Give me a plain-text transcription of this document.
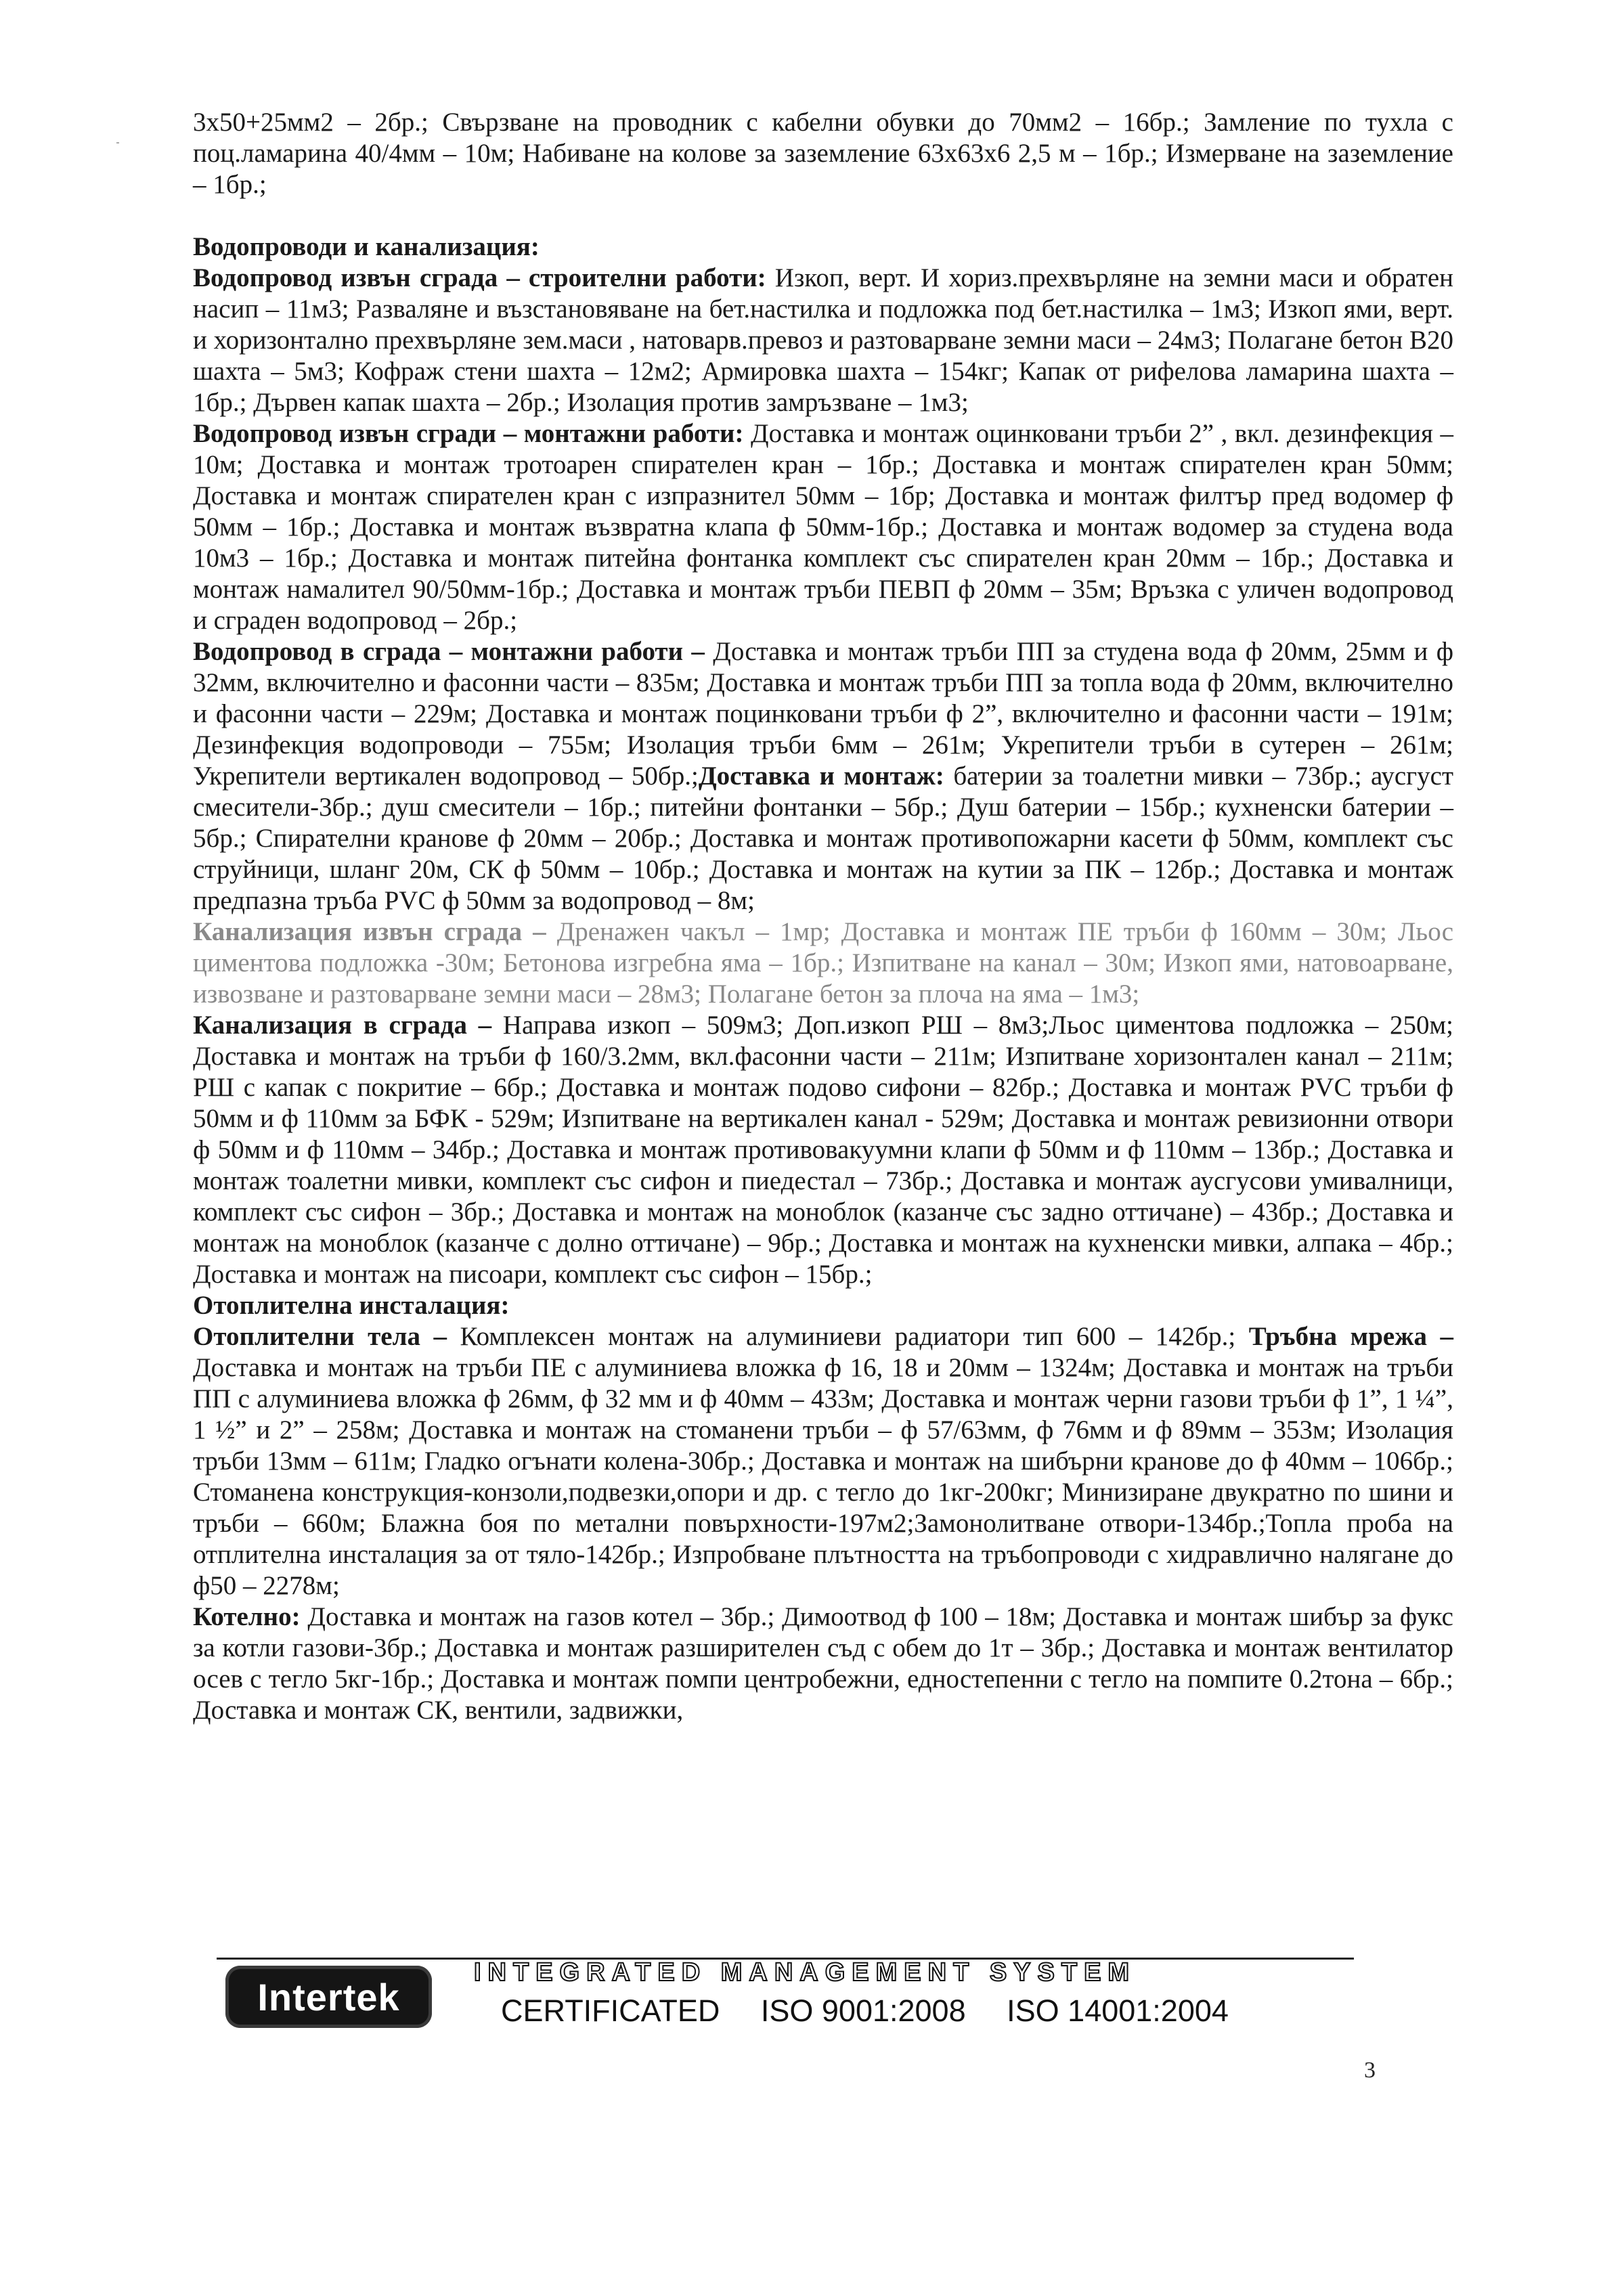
3х50+25мм2 – 2бр.; Свързване на проводник с кабелни обувки до 70мм2 – 16бр.; Замление по тухла с поц.ламарина 40/4мм – 10м; Набиване на колове за заземление 63х63х6 2,5 м – 1бр.; Измерване на заземление – 1бр.;

Водопроводи и канализация:

Водопровод извън сграда – строителни работи: Изкоп, верт. И хориз.прехвърляне на земни маси и обратен насип – 11м3; Разваляне и възстановяване на бет.настилка и подложка под бет.настилка – 1м3; Изкоп ями, верт. и хоризонтално прехвърляне зем.маси , натоварв.превоз и разтоварване земни маси – 24м3; Полагане бетон В20 шахта – 5м3; Кофраж стени шахта – 12м2; Армировка шахта – 154кг; Капак от рифелова ламарина шахта – 1бр.; Дървен капак шахта – 2бр.; Изолация против замръзване – 1м3;

Водопровод извън сгради – монтажни работи: Доставка и монтаж оцинковани тръби 2” , вкл. дезинфекция – 10м; Доставка и монтаж тротоарен спирателен кран – 1бр.; Доставка и монтаж спирателен кран 50мм; Доставка и монтаж спирателен кран с изпразнител 50мм – 1бр; Доставка и монтаж филтър пред водомер ф 50мм – 1бр.; Доставка и монтаж възвратна клапа ф 50мм-1бр.; Доставка и монтаж водомер за студена вода 10м3 – 1бр.; Доставка и монтаж питейна фонтанка комплект със спирателен кран 20мм – 1бр.; Доставка и монтаж намалител 90/50мм-1бр.; Доставка и монтаж тръби ПЕВП ф 20мм – 35м; Връзка с уличен водопровод и сграден водопровод – 2бр.;

Водопровод в сграда – монтажни работи – Доставка и монтаж тръби ПП за студена вода ф 20мм, 25мм и ф 32мм, включително и фасонни части – 835м; Доставка и монтаж тръби ПП за топла вода ф 20мм, включително и фасонни части – 229м; Доставка и монтаж поцинковани тръби ф 2”, включително и фасонни части – 191м; Дезинфекция водопроводи – 755м; Изолация тръби 6мм – 261м; Укрепители тръби в сутерен – 261м; Укрепители вертикален водопровод – 50бр.;Доставка и монтаж: батерии за тоалетни мивки – 73бр.; аусгуст смесители-3бр.; душ смесители – 1бр.; питейни фонтанки – 5бр.; Душ батерии – 15бр.; кухненски батерии – 5бр.; Спирателни кранове ф 20мм – 20бр.; Доставка и монтаж противопожарни касети ф 50мм, комплект със струйници, шланг 20м, СК ф 50мм – 10бр.; Доставка и монтаж на кутии за ПК – 12бр.; Доставка и монтаж предпазна тръба PVC ф 50мм за водопровод – 8м;

Канализация извън сграда – Дренажен чакъл – 1мр; Доставка и монтаж ПЕ тръби ф 160мм – 30м; Льос циментова подложка -30м; Бетонова изгребна яма – 1бр.; Изпитване на канал – 30м; Изкоп ями, натовоарване, извозване и разтоварване земни маси – 28м3; Полагане бетон за плоча на яма – 1м3;

Канализация в сграда – Направа изкоп – 509м3; Доп.изкоп РШ – 8м3;Льос циментова подложка – 250м; Доставка и монтаж на тръби ф 160/3.2мм, вкл.фасонни части – 211м; Изпитване хоризонтален канал – 211м; РШ с капак с покритие – 6бр.; Доставка и монтаж подово сифони – 82бр.; Доставка и монтаж PVC тръби ф 50мм и ф 110мм за БФК - 529м; Изпитване на вертикален канал - 529м; Доставка и монтаж ревизионни отвори ф 50мм и ф 110мм – 34бр.; Доставка и монтаж противовакуумни клапи ф 50мм и ф 110мм – 13бр.; Доставка и монтаж тоалетни мивки, комплект със сифон и пиедестал – 73бр.; Доставка и монтаж аусгусови умивалници, комплект със сифон – 3бр.; Доставка и монтаж на моноблок (казанче със задно оттичане) – 43бр.; Доставка и монтаж на моноблок (казанче с долно оттичане) – 9бр.; Доставка и монтаж на кухненски мивки, алпака – 4бр.; Доставка и монтаж на писоари, комплект със сифон – 15бр.;

Отоплителна инсталация:

Отоплителни тела – Комплексен монтаж на алуминиеви радиатори тип 600 – 142бр.; Тръбна мрежа – Доставка и монтаж на тръби ПЕ с алуминиева вложка ф 16, 18 и 20мм – 1324м; Доставка и монтаж на тръби ПП с алуминиева вложка ф 26мм, ф 32 мм и ф 40мм – 433м; Доставка и монтаж черни газови тръби ф 1”, 1 ¼”, 1 ½” и 2” – 258м; Доставка и монтаж на стоманени тръби – ф 57/63мм, ф 76мм и ф 89мм – 353м; Изолация тръби 13мм – 611м; Гладко огънати колена-30бр.; Доставка и монтаж на шибърни кранове до ф 40мм – 106бр.; Стоманена конструкция-конзоли,подвезки,опори и др. с тегло до 1кг-200кг; Минизиране двукратно по шини и тръби – 660м; Блажна боя по метални повърхности-197м2;Замонолитване отвори-134бр.;Топла проба на отплителна инсталация за от тяло-142бр.; Изпробване плътността на тръбопроводи с хидравлично налягане до ф50 – 2278м;

Котелно: Доставка и монтаж на газов котел – 3бр.; Димоотвод ф 100 – 18м; Доставка и монтаж шибър за фукс за котли газови-3бр.; Доставка и монтаж разширителен съд с обем до 1т – 3бр.; Доставка и монтаж вентилатор осев с тегло 5кг-1бр.; Доставка и монтаж помпи центробежни, едностепенни с тегло на помпите 0.2тона – 6бр.; Доставка и монтаж СК, вентили, задвижки,

Intertek
INTEGRATED MANAGEMENT SYSTEM
CERTIFICATED ISO 9001:2008 ISO 14001:2004
3
